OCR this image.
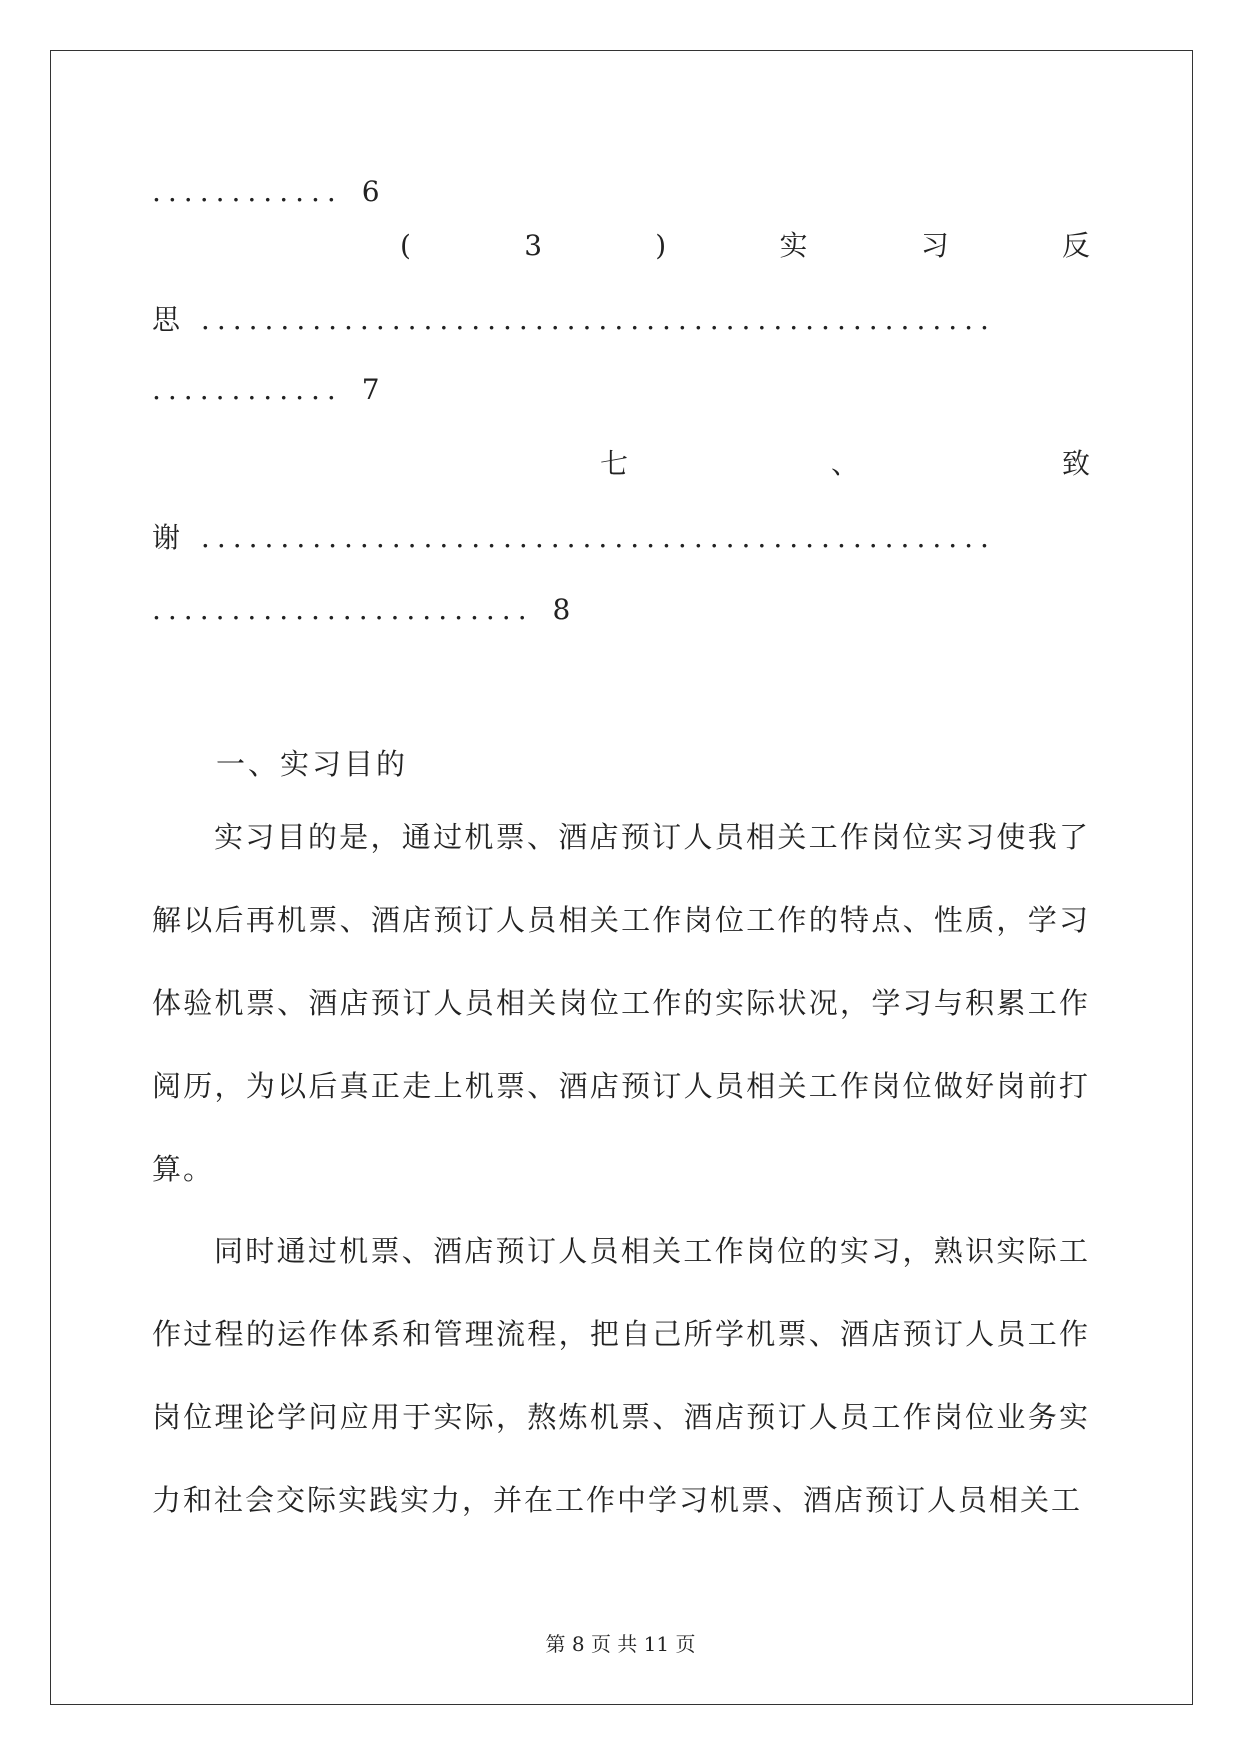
............ 6
(	3	)	实	习	反
思 ..................................................
............ 7
七	、	致
谢 ..................................................
........................ 8
一、实习目的
实习目的是，通过机票、酒店预订人员相关工作岗位实习使我了解以后再机票、酒店预订人员相关工作岗位工作的特点、性质，学习体验机票、酒店预订人员相关岗位工作的实际状况，学习与积累工作阅历，为以后真正走上机票、酒店预订人员相关工作岗位做好岗前打算。
同时通过机票、酒店预订人员相关工作岗位的实习，熟识实际工作过程的运作体系和管理流程，把自己所学机票、酒店预订人员工作岗位理论学问应用于实际，熬炼机票、酒店预订人员工作岗位业务实力和社会交际实践实力，并在工作中学习机票、酒店预订人员相关工
第 8 页 共 11 页
